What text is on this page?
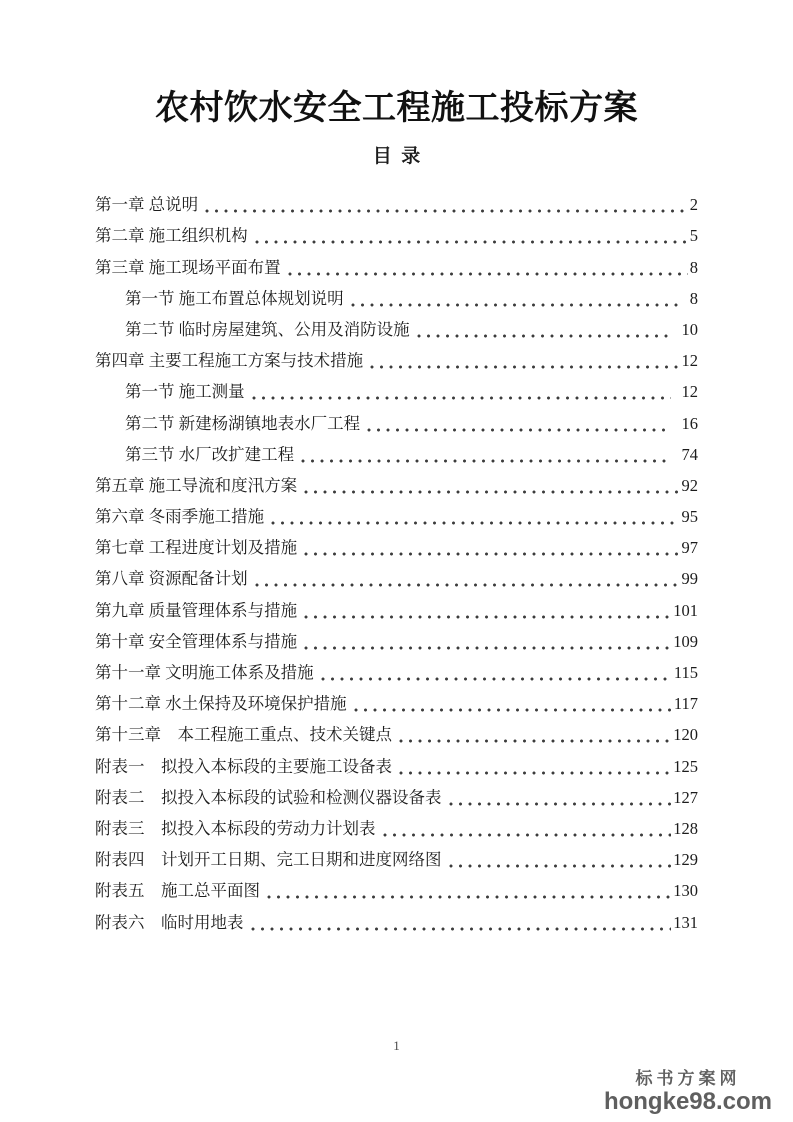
农村饮水安全工程施工投标方案
目  录
第一章 总说明	2
第二章 施工组织机构	5
第三章 施工现场平面布置	8
第一节 施工布置总体规划说明	8
第二节 临时房屋建筑、公用及消防设施	10
第四章 主要工程施工方案与技术措施	12
第一节 施工测量	12
第二节 新建杨湖镇地表水厂工程	16
第三节 水厂改扩建工程	74
第五章 施工导流和度汛方案	92
第六章 冬雨季施工措施	95
第七章 工程进度计划及措施	97
第八章 资源配备计划	99
第九章 质量管理体系与措施	101
第十章 安全管理体系与措施	109
第十一章 文明施工体系及措施	115
第十二章 水土保持及环境保护措施	117
第十三章　本工程施工重点、技术关键点	120
附表一　拟投入本标段的主要施工设备表	125
附表二　拟投入本标段的试验和检测仪器设备表	127
附表三　拟投入本标段的劳动力计划表	128
附表四　计划开工日期、完工日期和进度网络图	129
附表五　施工总平面图	130
附表六　临时用地表	131
1
标书方案网
hongke98.com
